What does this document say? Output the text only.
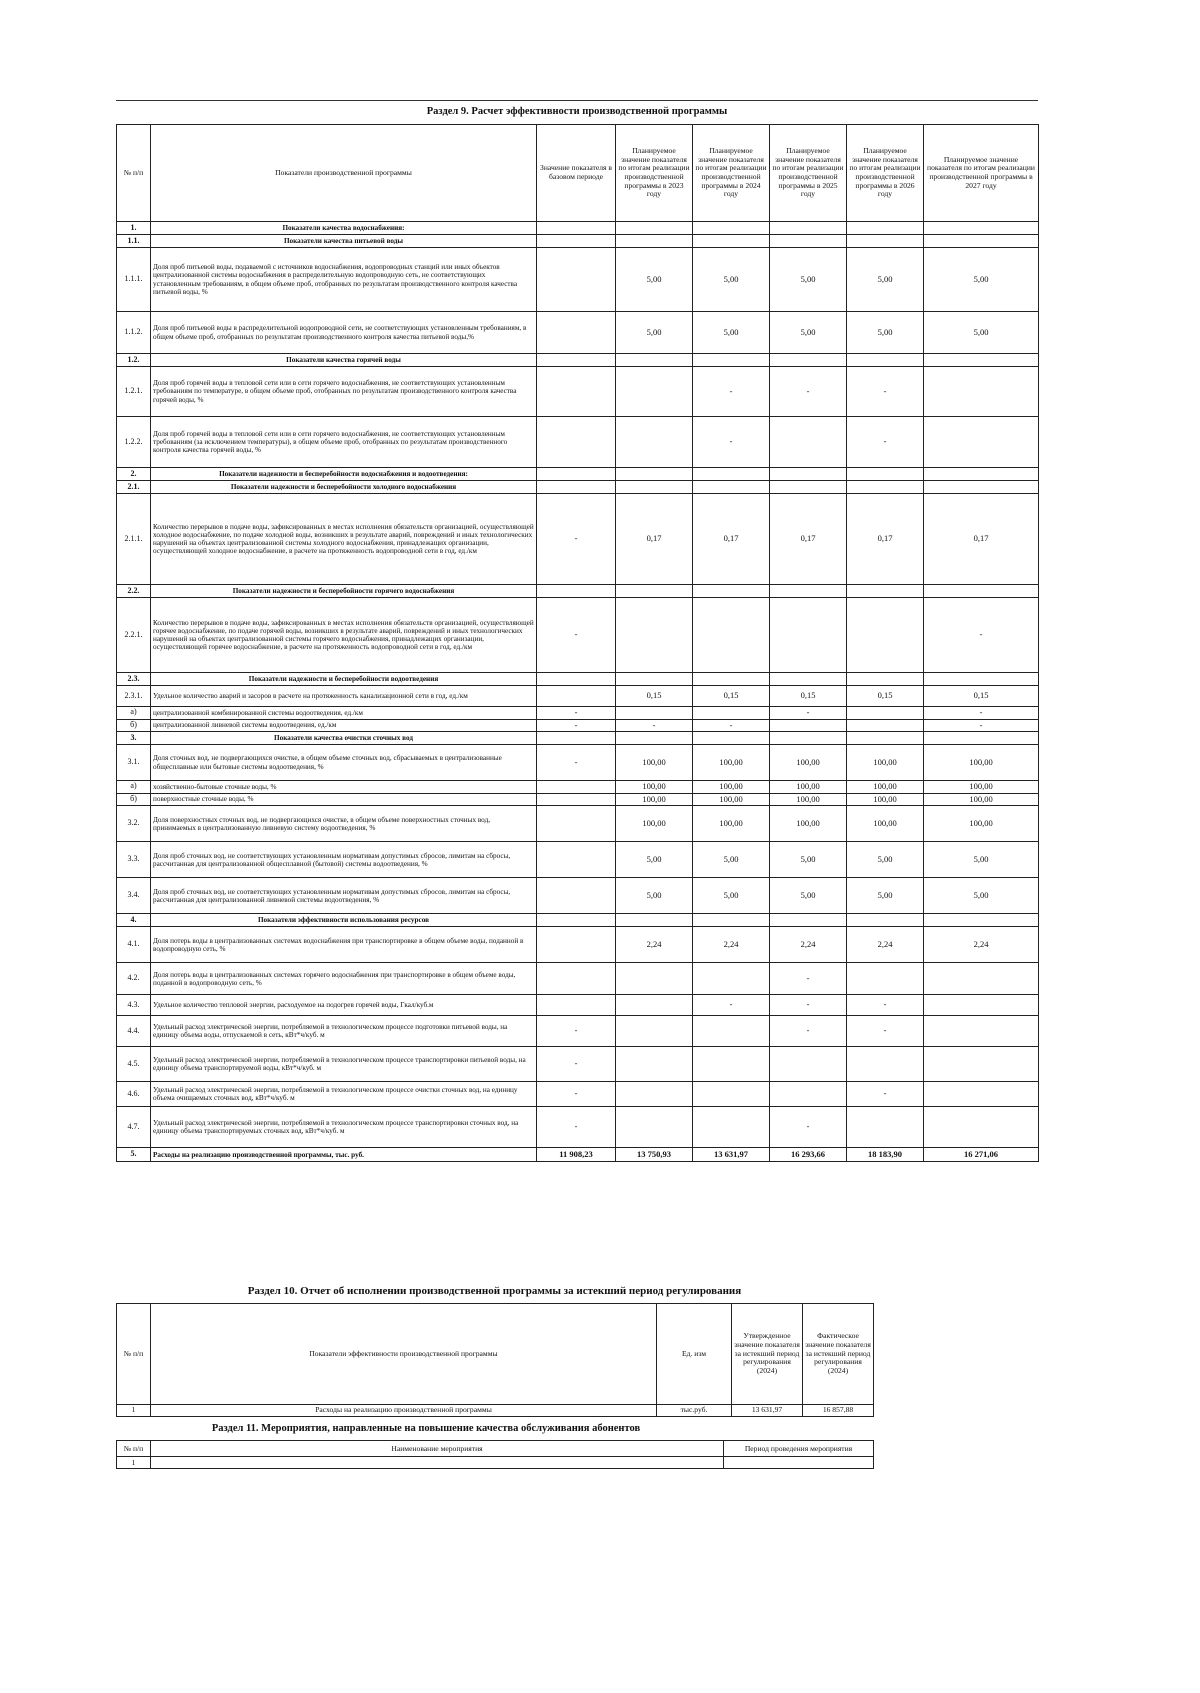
Раздел 9. Расчет эффективности производственной программы
№ п/п	Показатели производственной программы	Значение показателя в базовом периоде	Планируемое значение показателя по итогам реализации производственной программы в 2023 году	Планируемое значение показателя по итогам реализации производственной программы в 2024 году	Планируемое значение показателя по итогам реализации производственной программы в 2025 году	Планируемое значение показателя по итогам реализации производственной программы в 2026 году	Планируемое значение показателя по итогам реализации производственной программы в 2027 году
1.	Показатели качества водоснабжения:						
1.1.	Показатели качества питьевой воды						
1.1.1.	Доля проб питьевой воды, подаваемой с источников водоснабжения, водопроводных станций или иных объектов централизованной системы водоснабжения в распределительную водопроводную сеть, не соответствующих установленным требованиям, в общем объеме проб, отобранных по результатам производственного контроля качества питьевой воды, %		5,00	5,00	5,00	5,00	5,00
1.1.2.	Доля проб питьевой воды в распределительной водопроводной сети, не соответствующих установленным требованиям, в общем объеме проб, отобранных по результатам производственного контроля качества питьевой воды,%		5,00	5,00	5,00	5,00	5,00
1.2.	Показатели качества горячей воды						
1.2.1.	Доля проб горячей воды в тепловой сети или в сети горячего водоснабжения, не соответствующих установленным требованиям по температуре, в общем объеме проб, отобранных по результатам производственного контроля качества горячей воды, %			-	-	-	
1.2.2.	Доля проб горячей воды в тепловой сети или в сети горячего водоснабжения, не соответствующих установленным требованиям (за исключением температуры), в общем объеме проб, отобранных по результатам производственного контроля качества горячей воды, %			-		-	
2.	Показатели надежности и бесперебойности водоснабжения и водоотведения:						
2.1.	Показатели надежности и бесперебойности холодного водоснабжения						
2.1.1.	Количество перерывов в подаче воды, зафиксированных в местах исполнения обязательств организацией, осуществляющей холодное водоснабжение, по подаче холодной воды, возникших в результате аварий, повреждений и иных технологических нарушений на объектах централизованной системы холодного водоснабжения, принадлежащих организации, осуществляющей холодное водоснабжение, в расчете на протяженность водопроводной сети в год, ед./км	-	0,17	0,17	0,17	0,17	0,17
2.2.	Показатели надежности и бесперебойности горячего водоснабжения						
2.2.1.	Количество перерывов в подаче воды, зафиксированных в местах исполнения обязательств организацией, осуществляющей горячее водоснабжение, по подаче горячей воды, возникших в результате аварий, повреждений и иных технологических нарушений на объектах централизованной системы горячего водоснабжения, принадлежащих организации, осуществляющей горячее водоснабжение, в расчете на протяженность водопроводной сети в год, ед./км	-					-
2.3.	Показатели надежности и бесперебойности водоотведения						
2.3.1.	Удельное количество аварий и засоров в расчете на протяженность канализационной сети в год, ед./км		0,15	0,15	0,15	0,15	0,15
а)	централизованной комбинированной системы водоотведения, ед./км	-			-		-
б)	централизованной ливневой системы водоотведения, ед./км	-	-	-			-
3.	Показатели качества очистки сточных вод						
3.1.	Доля сточных вод, не подвергающихся очистке, в общем объеме сточных вод, сбрасываемых в централизованные общесплавные или бытовые системы водоотведения, %	-	100,00	100,00	100,00	100,00	100,00
а)	хозяйственно-бытовые сточные воды, %		100,00	100,00	100,00	100,00	100,00
б)	поверхностные сточные воды, %		100,00	100,00	100,00	100,00	100,00
3.2.	Доля поверхностных сточных вод, не подвергающихся очистке, в общем объеме поверхностных сточных вод, принимаемых в централизованную ливневую систему водоотведения, %		100,00	100,00	100,00	100,00	100,00
3.3.	Доля проб сточных вод, не соответствующих установленным нормативам допустимых сбросов, лимитам на сбросы, рассчитанная для централизованной общесплавной (бытовой) системы водоотведения, %		5,00	5,00	5,00	5,00	5,00
3.4.	Доля проб сточных вод, не соответствующих установленным нормативам допустимых сбросов, лимитам на сбросы, рассчитанная для централизованной ливневой системы водоотведения, %		5,00	5,00	5,00	5,00	5,00
4.	Показатели эффективности использования ресурсов						
4.1.	Доля потерь воды в централизованных системах водоснабжения при транспортировке в общем объеме воды, поданной в водопроводную сеть, %		2,24	2,24	2,24	2,24	2,24
4.2.	Доля потерь воды в централизованных системах горячего водоснабжения при транспортировке в общем объеме воды, поданной в водопроводную сеть, %				-		
4.3.	Удельное количество тепловой энергии, расходуемое на подогрев горячей воды, Гкал/куб.м			-	-	-	
4.4.	Удельный расход электрической энергии, потребляемой в технологическом процессе подготовки питьевой воды, на единицу объема воды, отпускаемой в сеть, кВт*ч/куб. м	-			-	-	
4.5.	Удельный расход электрической энергии, потребляемой в технологическом процессе транспортировки питьевой воды, на единицу объема транспортируемой воды, кВт*ч/куб. м	-					
4.6.	Удельный расход электрической энергии, потребляемой в технологическом процессе очистки сточных вод, на единицу объема очищаемых сточных вод, кВт*ч/куб. м	-				-	
4.7.	Удельный расход электрической энергии, потребляемой в технологическом процессе транспортировки сточных вод, на единицу объема транспортируемых сточных вод, кВт*ч/куб. м	-			-		
5.	Расходы на реализацию производственной программы, тыс. руб.	11 908,23	13 750,93	13 631,97	16 293,66	18 183,90	16 271,06
Раздел 10. Отчет об исполнении производственной программы за истекший период регулирования
№ п/п	Показатели эффективности производственной программы	Ед. изм	Утвержденное значение показателя за истекший период регулирования (2024)	Фактическое значение показателя за истекший период регулирования (2024)
1	Расходы на реализацию производственной программы	тыс.руб.	13 631,97	16 857,88
Раздел 11. Мероприятия, направленные на повышение качества обслуживания абонентов
№ п/п	Наименование мероприятия	Период проведения мероприятия
1		
